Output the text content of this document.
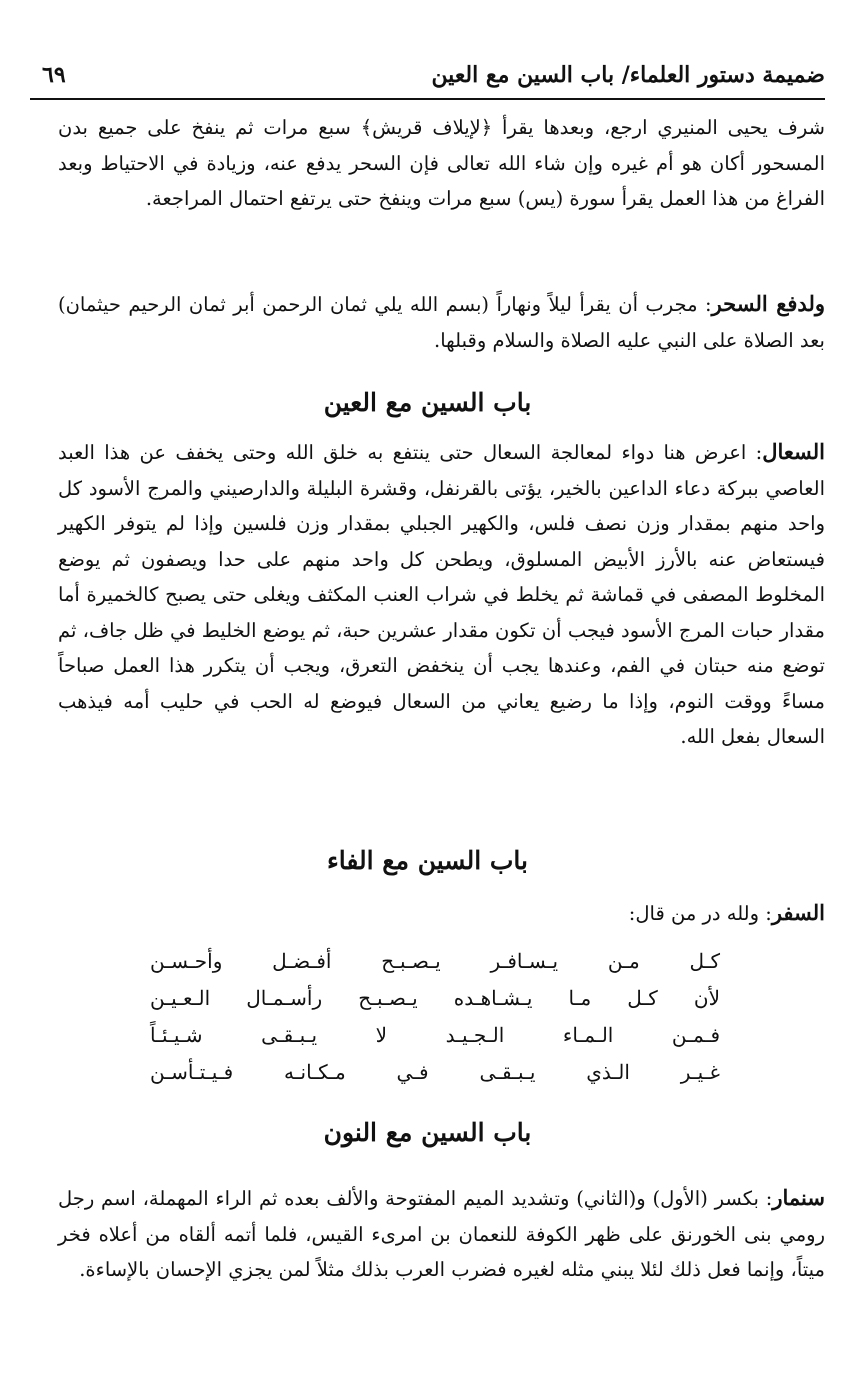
ضميمة دستور العلماء/ باب السين مع العين
٦٩

شرف يحيى المنيري ارجع، وبعدها يقرأ ﴿لإيلاف قريش﴾ سبع مرات ثم ينفخ على جميع بدن المسحور أكان هو أم غيره وإن شاء الله تعالى فإن السحر يدفع عنه، وزيادة في الاحتياط وبعد الفراغ من هذا العمل يقرأ سورة (يس) سبع مرات وينفخ حتى يرتفع احتمال المراجعة.

ولدفع السحر: مجرب أن يقرأ ليلاً ونهاراً (بسم الله يلي ثمان الرحمن أبر ثمان الرحيم حيثمان) بعد الصلاة على النبي عليه الصلاة والسلام وقبلها.

باب السين مع العين

السعال: اعرض هنا دواء لمعالجة السعال حتى ينتفع به خلق الله وحتى يخفف عن هذا العبد العاصي ببركة دعاء الداعين بالخير، يؤتى بالقرنفل، وقشرة البليلة والدارصيني والمرج الأسود كل واحد منهم بمقدار وزن نصف فلس، والكهير الجبلي بمقدار وزن فلسين وإذا لم يتوفر الكهير فيستعاض عنه بالأرز الأبيض المسلوق، ويطحن كل واحد منهم على حدا ويصفون ثم يوضع المخلوط المصفى في قماشة ثم يخلط في شراب العنب المكثف ويغلى حتى يصبح كالخميرة أما مقدار حبات المرج الأسود فيجب أن تكون مقدار عشرين حبة، ثم يوضع الخليط في ظل جاف، ثم توضع منه حبتان في الفم، وعندها يجب أن ينخفض التعرق، ويجب أن يتكرر هذا العمل صباحاً مساءً ووقت النوم، وإذا ما رضيع يعاني من السعال فيوضع له الحب في حليب أمه فيذهب السعال بفعل الله.

باب السين مع الفاء

السفر: ولله در من قال:

كـل مـن يـسـافـر يـصـبـح أفـضـل وأحـسـن
لأن كـل مـا يـشـاهـده يـصـبـح رأسـمـال الـعـيـن
فـمـن الـمـاء الـجـيـد لا يـبـقـى شـيـئـاً
غـيـر الـذي يـبـقـى فـي مـكـانـه فـيـتـأسـن
باب السين مع النون

سنمار: بكسر (الأول) و(الثاني) وتشديد الميم المفتوحة والألف بعده ثم الراء المهملة، اسم رجل رومي بنى الخورنق على ظهر الكوفة للنعمان بن امرىء القيس، فلما أتمه ألقاه من أعلاه فخر ميتاً، وإنما فعل ذلك لئلا يبني مثله لغيره فضرب العرب بذلك مثلاً لمن يجزي الإحسان بالإساءة.
